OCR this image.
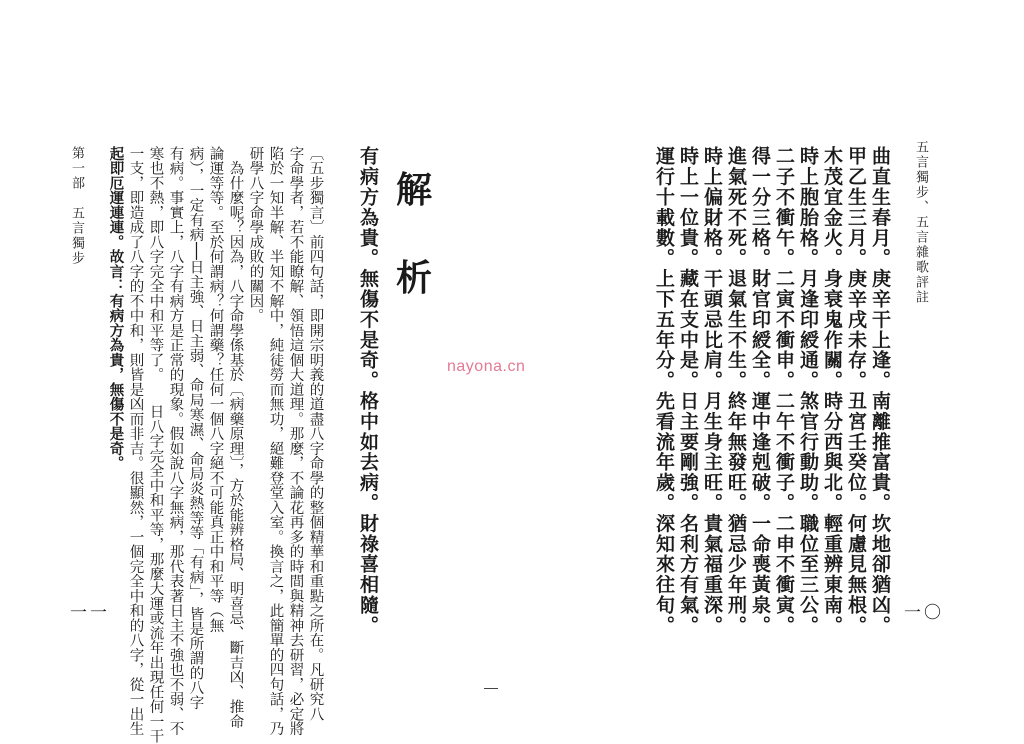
解
析
有病方為貴。無傷不是奇。格中如去病。財祿喜相隨。
〔五步獨言〕前四句話，即開宗明義的道盡八字命學的整個精華和重點之所在。凡研究八
字命學者，若不能瞭解、領悟這個大道理。那麼，不論花再多的時間與精神去研習，必定將
陷於一知半解、半知不解中，純徒勞而無功，絕難登堂入室。換言之，此簡單的四句話，乃
研學八字命學成敗的關因。
　為什麼呢？因為，八字命學係基於〔病藥原理〕，方於能辨格局、明喜忌、斷吉凶、推命
論運等等。至於何謂病？何謂藥？任何一個八字絕不可能真正中和平等（無
病），一定有病──日主強、日主弱、命局寒濕、命局炎熱等等「有病」，皆是所謂的八字
有病。事實上，八字有病方是正常的現象。假如說八字無病，那代表著日主不強也不弱、不
寒也不熱，即八字完全中和平等了。　　日八字完全中和平等，那麼大運或流年出現任何一干
一支，即造成了八字的不中和，則皆是凶而非吉。很顯然，一個完全中和的八字，從一出生
起即厄運連連。故言：有病方為貴，無傷不是奇。
第一部　五言獨步
一一
nayona.cn
五言獨步、五言雜歌評註
曲直生春月。庚辛干上逢。南離推富貴。坎地卻猶凶。
甲乙生三月。庚辛戌未存。丑宮壬癸位。何慮見無根。
木茂宜金火。身衰鬼作關。時分西與北。輕重辨東南。
時上胞胎格。月逢印綬通。煞官行動助。職位至三公。
二子不衝午。二寅不衝申。二午不衝子。二申不衝寅。
得一分三格。財官印綬全。運中逢剋破。一命喪黃泉。
進氣死不死。退氣生不生。終年無發旺。猶忌少年刑。
時上偏財格。干頭忌比肩。月生身主旺。貴氣福重深。
時上一位貴。藏在支中是。日主要剛強。名利方有氣。
運行十載數。上下五年分。先看流年歲。深知來往旬。	一〇
